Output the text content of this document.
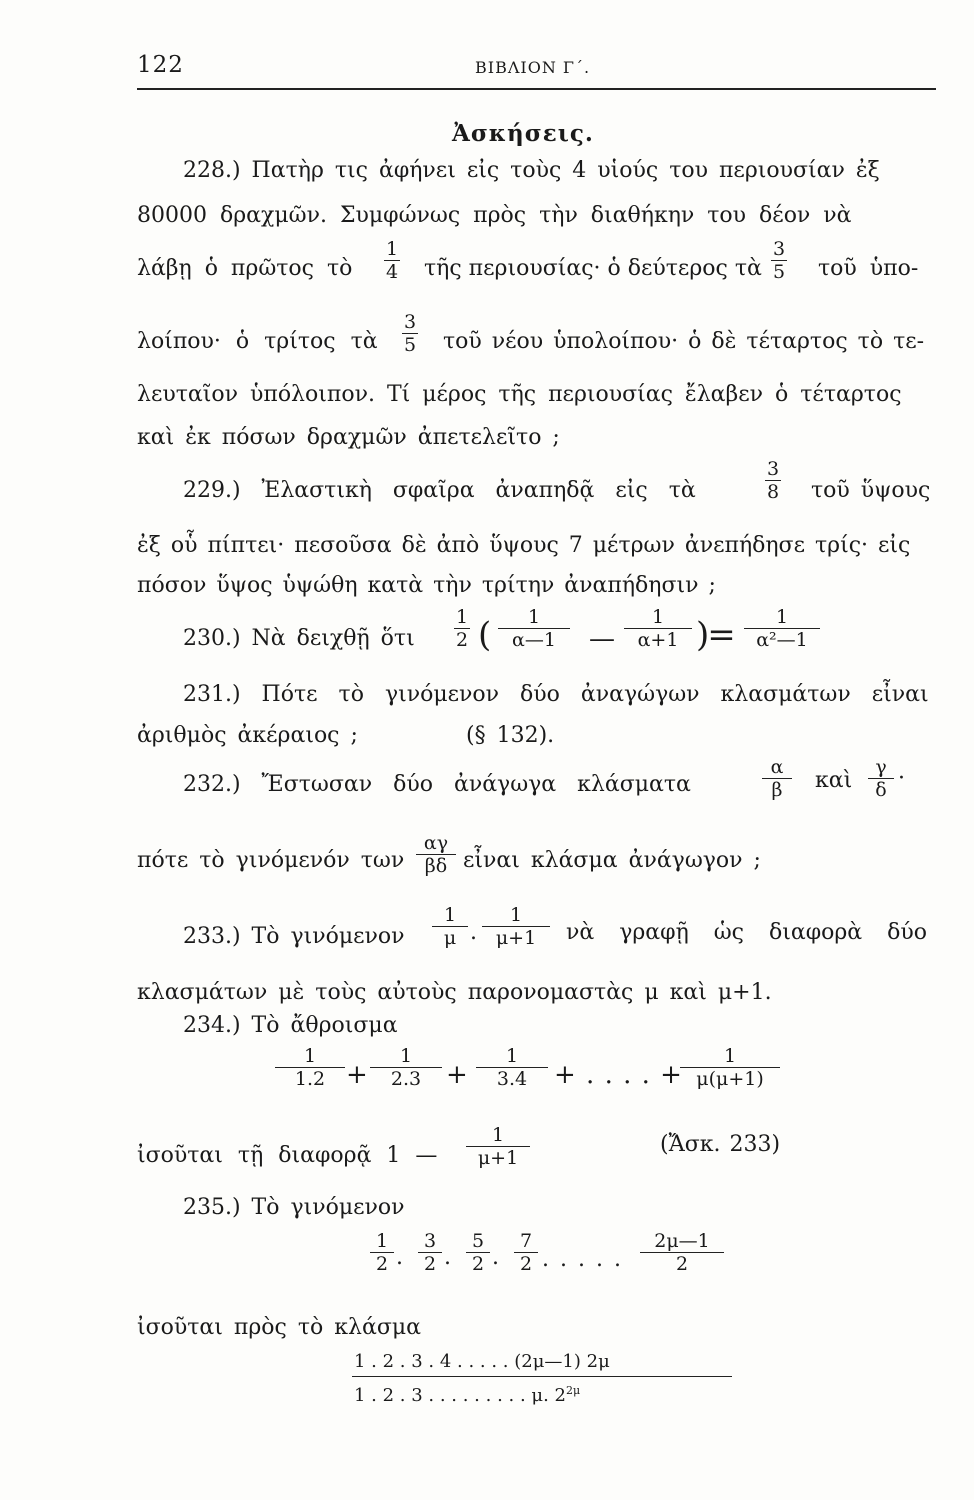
122	ΒΙΒΛΙΟΝ Γ΄.
Ἀσκήσεις.
228.) Πατὴρ τις ἀφήνει εἰς τοὺς 4 υἱούς του περιουσίαν ἐξ
80000 δραχμῶν. Συμφώνως πρὸς τὴν διαθήκην του δέον νὰ
λάβῃ ὁ πρῶτος τὸ
1
4 τῆς περιουσίας· ὁ δεύτερος τὰ
3
5 τοῦ ὑπο-
λοίπου· ὁ τρίτος τὰ
3
5 τοῦ νέου ὑπολοίπου· ὁ δὲ τέταρτος τὸ τε-
λευταῖον ὑπόλοιπον. Τί μέρος τῆς περιουσίας ἔλαβεν ὁ τέταρτος
καὶ ἐκ πόσων δραχμῶν ἀπετελεῖτο ;
229.) Ἐλαστικὴ σφαῖρα ἀναπηδᾷ εἰς τὰ
3
8 τοῦ ὕψους
ἐξ οὗ πίπτει· πεσοῦσα δὲ ἀπὸ ὕψους 7 μέτρων ἀνεπήδησε τρίς· εἰς
πόσον ὕψος ὑψώθη κατὰ τὴν τρίτην ἀναπήδησιν ;
230.) Νὰ δειχθῇ ὅτι
1
2 (	1
α—1	—
1
α+1 )=	1
α²—1
231.) Πότε τὸ γινόμενον δύο ἀναγώγων κλασμάτων εἶναι
ἀριθμὸς ἀκέραιος ;	(§ 132).
232.) Ἔστωσαν δύο ἀνάγωγα κλάσματα
α
β	καὶ
γ
δ ·
πότε τὸ γινόμενόν των
αγ
βδ εἶναι κλάσμα ἀνάγωγον ;
233.) Τὸ γινόμενον
1
μ .
1
μ+1	νὰ γραφῇ ὡς διαφορὰ δύο
κλασμάτων μὲ τοὺς αὐτοὺς παρονομαστὰς μ καὶ μ+1.
234.) Τὸ ἄθροισμα
1
1.2 +
1
2.3 +
1
3.4	+ . . . . +
1
μ(μ+1)
ἰσοῦται τῇ διαφορᾷ 1 —
1
μ+1
(Ἄσκ. 233)
235.) Τὸ γινόμενον
1
2 .
3
2 .
5
2 .
7
2 . . . . .
2μ—1
2
ἰσοῦται πρὸς τὸ κλάσμα
1 . 2 . 3 . 4 . . . . . (2μ—1) 2μ
1 . 2 . 3 . . . . . . . . . μ. $2^{2\mu}$
